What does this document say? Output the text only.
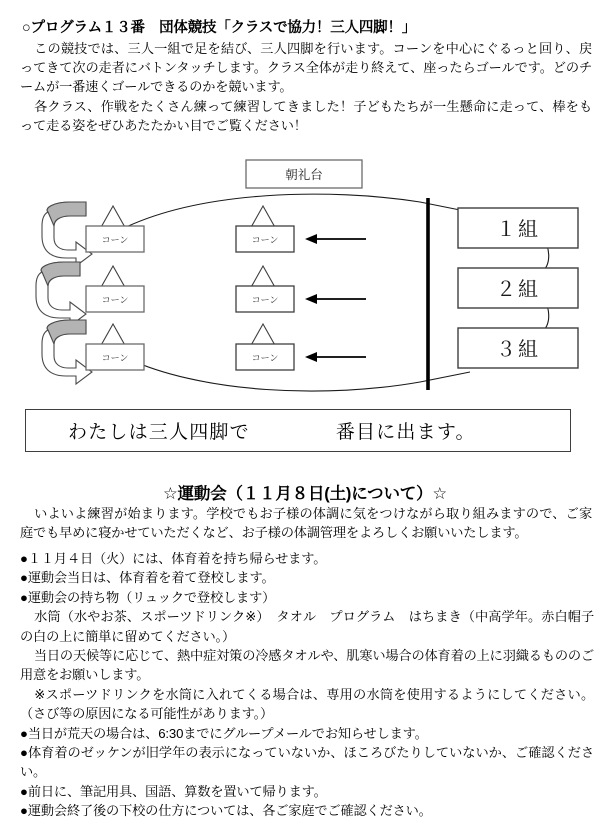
○プログラム１３番　団体競技「クラスで協力！三人四脚！」
この競技では、三人一組で足を結び、三人四脚を行います。コーンを中心にぐるっと回り、戻ってきて次の走者にバトンタッチします。クラス全体が走り終えて、座ったらゴールです。どのチームが一番速くゴールできるのかを競います。
各クラス、作戦をたくさん練って練習してきました！子どもたちが一生懸命に走って、棒をもって走る姿をぜひあたたかい目でご覧ください！
朝礼台
コーン
コーン
コーン
コーン
コーン
コーン
１組
２組
３組
わたしは三人四脚で	番目に出ます。
☆運動会（１１月８日(土)について）☆
いよいよ練習が始まります。学校でもお子様の体調に気をつけながら取り組みますので、ご家庭でも早めに寝かせていただくなど、お子様の体調管理をよろしくお願いいたします。

●１１月４日（火）には、体育着を持ち帰らせます。

●運動会当日は、体育着を着て登校します。

●運動会の持ち物（リュックで登校します）

水筒（水やお茶、スポーツドリンク※）　タオル　プログラム　はちまき（中高学年。赤白帽子の白の上に簡単に留めてください。）

当日の天候等に応じて、熱中症対策の冷感タオルや、肌寒い場合の体育着の上に羽織るもののご用意をお願いします。

※スポーツドリンクを水筒に入れてくる場合は、専用の水筒を使用するようにしてください。（さび等の原因になる可能性があります。）

●当日が荒天の場合は、6:30までにグループメールでお知らせします。

●体育着のゼッケンが旧学年の表示になっていないか、ほころびたりしていないか、ご確認ください。

●前日に、筆記用具、国語、算数を置いて帰ります。

●運動会終了後の下校の仕方については、各ご家庭でご確認ください。
